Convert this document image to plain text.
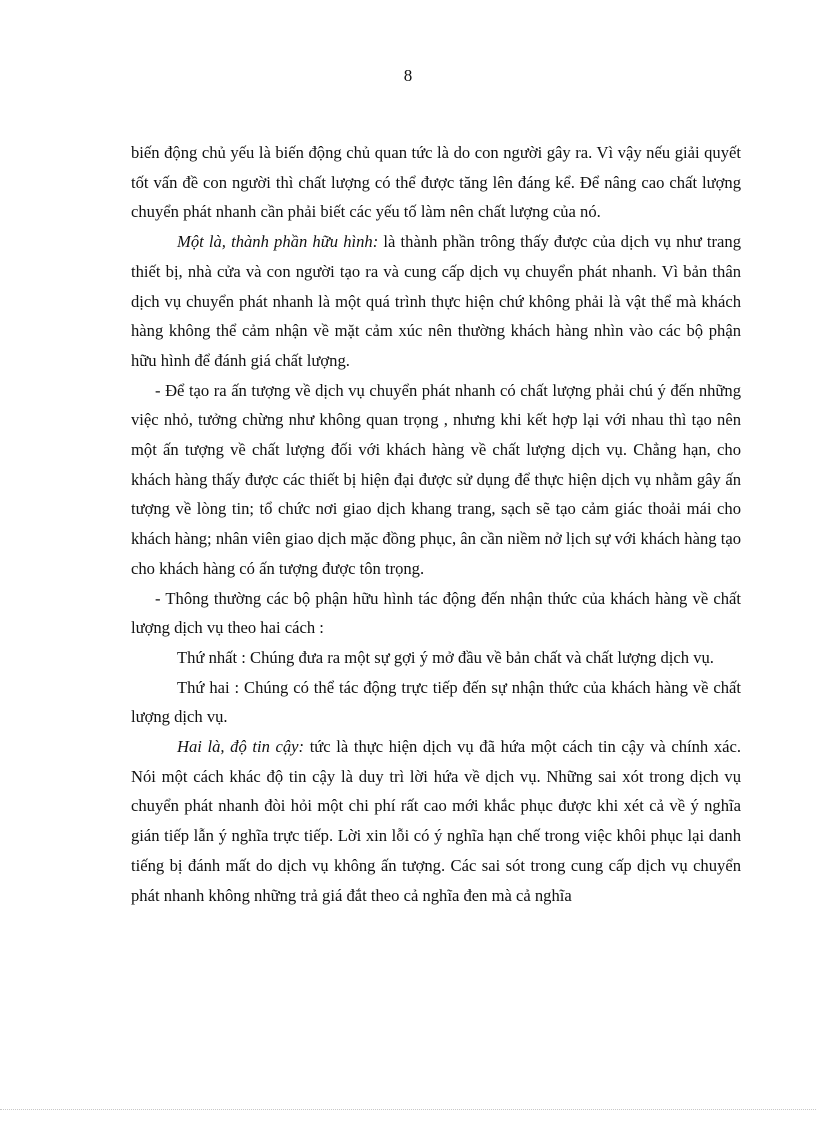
8

biến động chủ yếu là biến động chủ quan tức là do con người gây ra. Vì vậy nếu giải quyết tốt vấn đề con người thì chất lượng có thể được tăng lên đáng kể. Để nâng cao chất lượng chuyển phát nhanh cần phải biết các yếu tố làm nên chất lượng của nó.

Một là, thành phần hữu hình: là thành phần trông thấy được của dịch vụ như trang thiết bị, nhà cửa và con người tạo ra và cung cấp dịch vụ chuyển phát nhanh. Vì bản thân dịch vụ chuyển phát nhanh là một quá trình thực hiện chứ không phải là vật thể mà khách hàng không thể cảm nhận về mặt cảm xúc nên thường khách hàng nhìn vào các bộ phận hữu hình để đánh giá chất lượng.

- Để tạo ra ấn tượng về dịch vụ chuyển phát nhanh có chất lượng phải chú ý đến những việc nhỏ, tưởng chừng như không quan trọng , nhưng khi kết hợp lại với nhau thì tạo nên một ấn tượng về chất lượng đối với khách hàng về chất lượng dịch vụ. Chẳng hạn, cho khách hàng thấy được các thiết bị hiện đại được sử dụng để thực hiện dịch vụ nhằm gây ấn tượng về lòng tin; tổ chức nơi giao dịch khang trang, sạch sẽ tạo cảm giác thoải mái cho khách hàng; nhân viên giao dịch mặc đồng phục, ân cần niềm nở lịch sự với khách hàng tạo cho khách hàng có ấn tượng được tôn trọng.

- Thông thường các bộ phận hữu hình tác động đến nhận thức của khách hàng về chất lượng dịch vụ theo hai cách :

Thứ nhất : Chúng đưa ra một sự gợi ý mở đầu về bản chất và chất lượng dịch vụ.

Thứ hai : Chúng có thể tác động trực tiếp đến sự nhận thức của khách hàng về chất lượng dịch vụ.

Hai là, độ tin cậy: tức là thực hiện dịch vụ đã hứa một cách tin cậy và chính xác. Nói một cách khác độ tin cậy là duy trì lời hứa về dịch vụ. Những sai xót trong dịch vụ chuyển phát nhanh đòi hỏi một chi phí rất cao mới khắc phục được khi xét cả về ý nghĩa gián tiếp lẫn ý nghĩa trực tiếp. Lời xin lỗi có ý nghĩa hạn chế trong việc khôi phục lại danh tiếng bị đánh mất do dịch vụ không ấn tượng. Các sai sót trong cung cấp dịch vụ chuyển phát nhanh không những trả giá đắt theo cả nghĩa đen mà cả nghĩa
